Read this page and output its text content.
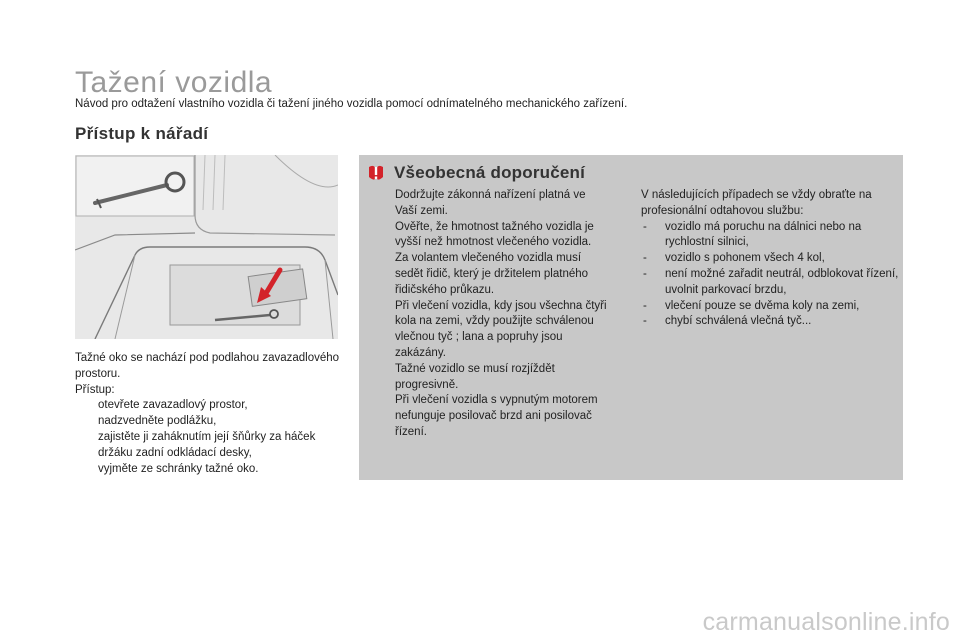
Tažení vozidla
Návod pro odtažení vlastního vozidla či tažení jiného vozidla pomocí odnímatelného mechanického zařízení.
Přístup k nářadí

Tažné oko se nachází pod podlahou zavazadlového prostoru.

Přístup:

otevřete zavazadlový prostor,
nadzvedněte podlážku,
zajistěte ji zaháknutím její šňůrky za háček držáku zadní odkládací desky,
vyjměte ze schránky tažné oko.
Všeobecná doporučení

Dodržujte zákonná nařízení platná ve Vaší zemi.

Ověřte, že hmotnost tažného vozidla je vyšší než hmotnost vlečeného vozidla.

Za volantem vlečeného vozidla musí sedět řidič, který je držitelem platného řidičského průkazu.

Při vlečení vozidla, kdy jsou všechna čtyři kola na zemi, vždy použijte schválenou vlečnou tyč ; lana a popruhy jsou zakázány.

Tažné vozidlo se musí rozjíždět progresivně.

Při vlečení vozidla s vypnutým motorem nefunguje posilovač brzd ani posilovač řízení.

V následujících případech se vždy obraťte na profesionální odtahovou službu:

- vozidlo má poruchu na dálnici nebo na rychlostní silnici,
- vozidlo s pohonem všech 4 kol,
- není možné zařadit neutrál, odblokovat řízení, uvolnit parkovací brzdu,
- vlečení pouze se dvěma koly na zemi,
- chybí schválená vlečná tyč...
carmanualsonline.info
